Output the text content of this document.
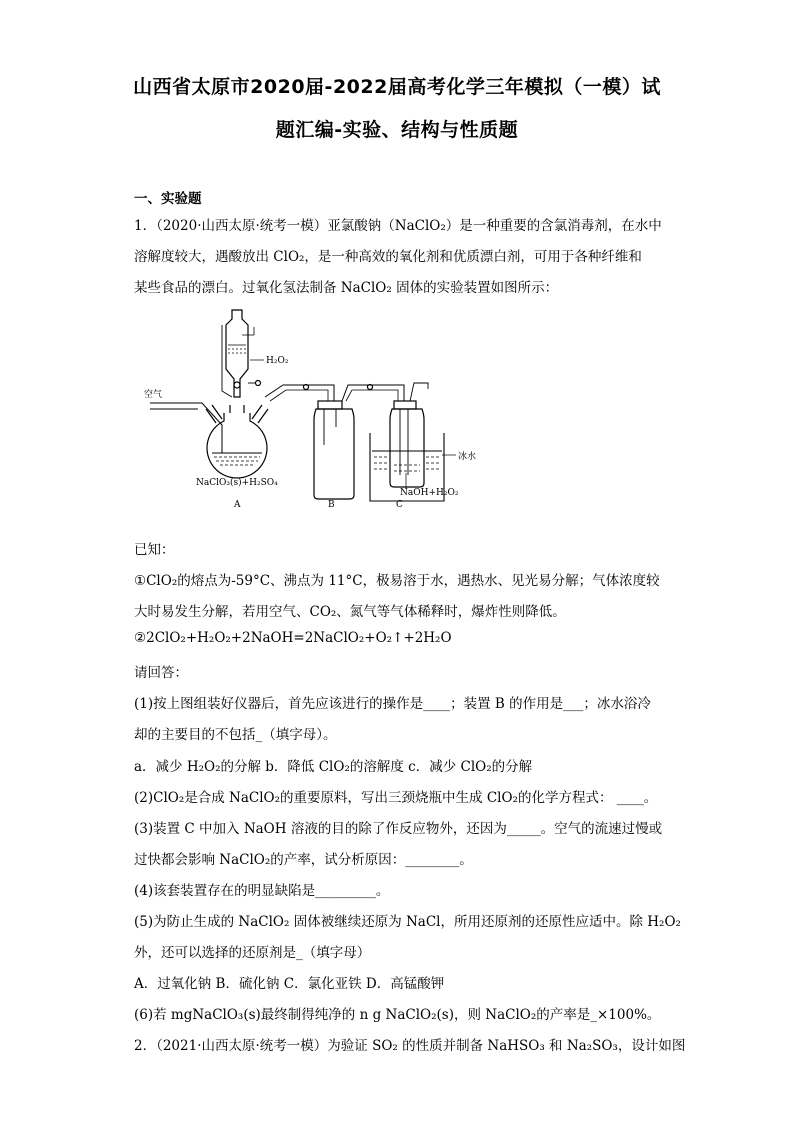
山西省太原市2020届-2022届高考化学三年模拟（一模）试
题汇编-实验、结构与性质题
一、实验题
1．（2020·山西太原·统考一模）亚氯酸钠（NaClO₂）是一种重要的含氯消毒剂，在水中
溶解度较大，遇酸放出 ClO₂，是一种高效的氧化剂和优质漂白剂，可用于各种纤维和
某些食品的漂白。过氧化氢法制备 NaClO₂ 固体的实验装置如图所示：
空气
H₂O₂
冰水
NaClO₃(s)+H₂SO₄
NaOH+H₂O₂
A	B	C
已知：
①ClO₂的熔点为-59°C、沸点为 11°C，极易溶于水，遇热水、见光易分解；气体浓度较
大时易发生分解，若用空气、CO₂、氮气等气体稀释时，爆炸性则降低。
②2ClO₂+H₂O₂+2NaOH=2NaClO₂+O₂↑+2H₂O
请回答：
(1)按上图组装好仪器后，首先应该进行的操作是____；装置 B 的作用是___；冰水浴冷
却的主要目的不包括_（填字母）。
a．减少 H₂O₂的分解 b．降低 ClO₂的溶解度 c．减少 ClO₂的分解
(2)ClO₂是合成 NaClO₂的重要原料，写出三颈烧瓶中生成 ClO₂的化学方程式： ____。
(3)装置 C 中加入 NaOH 溶液的目的除了作反应物外，还因为_____。空气的流速过慢或
过快都会影响 NaClO₂的产率，试分析原因：________。
(4)该套装置存在的明显缺陷是_________。
(5)为防止生成的 NaClO₂ 固体被继续还原为 NaCl，所用还原剂的还原性应适中。除 H₂O₂
外，还可以选择的还原剂是_（填字母）
A．过氧化钠 B．硫化钠 C．氯化亚铁 D．高锰酸钾
(6)若 mgNaClO₃(s)最终制得纯净的 n g NaClO₂(s)，则 NaClO₂的产率是_×100%。
2．（2021·山西太原·统考一模）为验证 SO₂ 的性质并制备 NaHSO₃ 和 Na₂SO₃，设计如图
